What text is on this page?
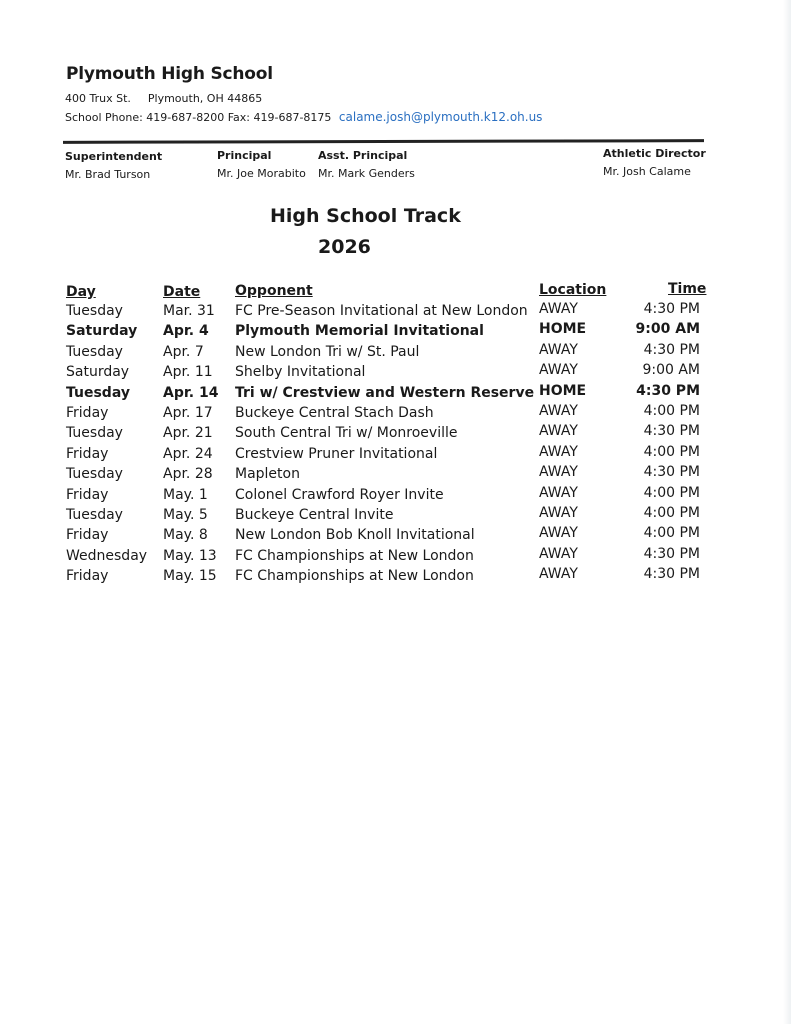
Plymouth High School
400 Trux St. Plymouth, OH 44865
School Phone: 419-687-8200 Fax: 419-687-8175 calame.josh@plymouth.k12.oh.us
Superintendent
Mr. Brad Turson
Principal
Mr. Joe Morabito
Asst. Principal
Mr. Mark Genders
Athletic Director
Mr. Josh Calame
High School Track
2026
Day	Date Opponent	Location	Time
Tuesday	Mar. 31 FC Pre-Season Invitational at New London AWAY	4:30 PM
Saturday Apr. 4 Plymouth Memorial Invitational	HOME	9:00 AM
Tuesday	Apr. 7 New London Tri w/ St. Paul	AWAY	4:30 PM
Saturday Apr. 11 Shelby Invitational	AWAY	9:00 AM
Tuesday Apr. 14 Tri w/ Crestview and Western Reserve HOME	4:30 PM
Friday	Apr. 17 Buckeye Central Stach Dash	AWAY	4:00 PM
Tuesday	Apr. 21 South Central Tri w/ Monroeville	AWAY	4:30 PM
Friday	Apr. 24 Crestview Pruner Invitational	AWAY	4:00 PM
Tuesday	Apr. 28 Mapleton	AWAY	4:30 PM
Friday	May. 1 Colonel Crawford Royer Invite	AWAY	4:00 PM
Tuesday	May. 5 Buckeye Central Invite	AWAY	4:00 PM
Friday	May. 8 New London Bob Knoll Invitational	AWAY	4:00 PM
Wednesday May. 13 FC Championships at New London	AWAY	4:30 PM
Friday	May. 15 FC Championships at New London	AWAY	4:30 PM
